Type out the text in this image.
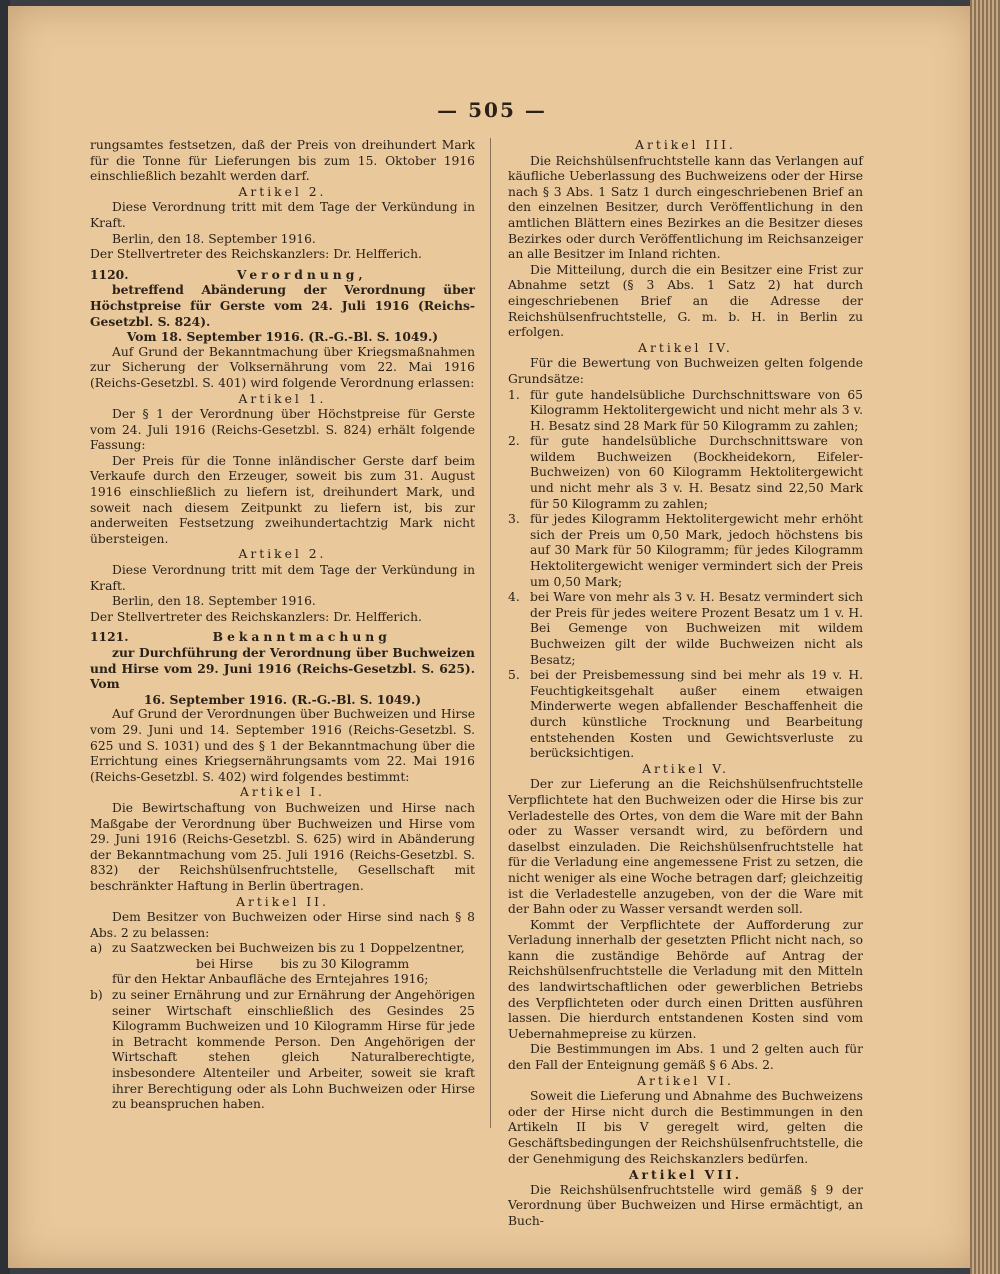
— 505 —

rungsamtes festsetzen, daß der Preis von dreihundert Mark für die Tonne für Lieferungen bis zum 15. Oktober 1916 einschließlich bezahlt werden darf.

Artikel 2.

Diese Verordnung tritt mit dem Tage der Verkündung in Kraft.

Berlin, den 18. September 1916.

Der Stellvertreter des Reichskanzlers: Dr. Helfferich.

1120.	Verordnung,

betreffend Abänderung der Verordnung über Höchstpreise für Gerste vom 24. Juli 1916 (Reichs-Gesetzbl. S. 824).

Vom 18. September 1916. (R.-G.-Bl. S. 1049.)

Auf Grund der Bekanntmachung über Kriegsmaßnahmen zur Sicherung der Volksernährung vom 22. Mai 1916 (Reichs-Gesetzbl. S. 401) wird folgende Verordnung erlassen:

Artikel 1.

Der § 1 der Verordnung über Höchstpreise für Gerste vom 24. Juli 1916 (Reichs-Gesetzbl. S. 824) erhält folgende Fassung:

Der Preis für die Tonne inländischer Gerste darf beim Verkaufe durch den Erzeuger, soweit bis zum 31. August 1916 einschließlich zu liefern ist, dreihundert Mark, und soweit nach diesem Zeitpunkt zu liefern ist, bis zur anderweiten Festsetzung zweihundertachtzig Mark nicht übersteigen.

Artikel 2.

Diese Verordnung tritt mit dem Tage der Verkündung in Kraft.

Berlin, den 18. September 1916.

Der Stellvertreter des Reichskanzlers: Dr. Helfferich.

1121.	Bekanntmachung

zur Durchführung der Verordnung über Buchweizen und Hirse vom 29. Juni 1916 (Reichs-Gesetzbl. S. 625). Vom

16. September 1916. (R.-G.-Bl. S. 1049.)

Auf Grund der Verordnungen über Buchweizen und Hirse vom 29. Juni und 14. September 1916 (Reichs-Gesetzbl. S. 625 und S. 1031) und des § 1 der Bekanntmachung über die Errichtung eines Kriegsernährungsamts vom 22. Mai 1916 (Reichs-Gesetzbl. S. 402) wird folgendes bestimmt:

Artikel I.

Die Bewirtschaftung von Buchweizen und Hirse nach Maßgabe der Verordnung über Buchweizen und Hirse vom 29. Juni 1916 (Reichs-Gesetzbl. S. 625) wird in Abänderung der Bekanntmachung vom 25. Juli 1916 (Reichs-Gesetzbl. S. 832) der Reichshülsenfruchtstelle, Gesellschaft mit beschränkter Haftung in Berlin übertragen.

Artikel II.

Dem Besitzer von Buchweizen oder Hirse sind nach § 8 Abs. 2 zu belassen:

a) zu Saatzwecken bei Buchweizen bis zu 1 Doppelzentner,

bei Hirse       bis zu 30 Kilogramm

für den Hektar Anbaufläche des Erntejahres 1916;

b) zu seiner Ernährung und zur Ernährung der Angehörigen seiner Wirtschaft einschließlich des Gesindes 25 Kilogramm Buchweizen und 10 Kilogramm Hirse für jede in Betracht kommende Person. Den Angehörigen der Wirtschaft stehen gleich Naturalberechtigte, insbesondere Altenteiler und Arbeiter, soweit sie kraft ihrer Berechtigung oder als Lohn Buchweizen oder Hirse zu beanspruchen haben.

Artikel III.

Die Reichshülsenfruchtstelle kann das Verlangen auf käufliche Ueberlassung des Buchweizens oder der Hirse nach § 3 Abs. 1 Satz 1 durch eingeschriebenen Brief an den einzelnen Besitzer, durch Veröffentlichung in den amtlichen Blättern eines Bezirkes an die Besitzer dieses Bezirkes oder durch Veröffentlichung im Reichsanzeiger an alle Besitzer im Inland richten.

Die Mitteilung, durch die ein Besitzer eine Frist zur Abnahme setzt (§ 3 Abs. 1 Satz 2) hat durch eingeschriebenen Brief an die Adresse der Reichshülsenfruchtstelle, G. m. b. H. in Berlin zu erfolgen.

Artikel IV.

Für die Bewertung von Buchweizen gelten folgende Grundsätze:

1. für gute handelsübliche Durchschnittsware von 65 Kilogramm Hektolitergewicht und nicht mehr als 3 v. H. Besatz sind 28 Mark für 50 Kilogramm zu zahlen;
2. für gute handelsübliche Durchschnittsware von wildem Buchweizen (Bockheidekorn, Eifeler-Buchweizen) von 60 Kilogramm Hektolitergewicht und nicht mehr als 3 v. H. Besatz sind 22,50 Mark für 50 Kilogramm zu zahlen;
3. für jedes Kilogramm Hektolitergewicht mehr erhöht sich der Preis um 0,50 Mark, jedoch höchstens bis auf 30 Mark für 50 Kilogramm; für jedes Kilogramm Hektolitergewicht weniger vermindert sich der Preis um 0,50 Mark;
4. bei Ware von mehr als 3 v. H. Besatz vermindert sich der Preis für jedes weitere Prozent Besatz um 1 v. H. Bei Gemenge von Buchweizen mit wildem Buchweizen gilt der wilde Buchweizen nicht als Besatz;
5. bei der Preisbemessung sind bei mehr als 19 v. H. Feuchtigkeitsgehalt außer einem etwaigen Minderwerte wegen abfallender Beschaffenheit die durch künstliche Trocknung und Bearbeitung entstehenden Kosten und Gewichtsverluste zu berücksichtigen.

Artikel V.

Der zur Lieferung an die Reichshülsenfruchtstelle Verpflichtete hat den Buchweizen oder die Hirse bis zur Verladestelle des Ortes, von dem die Ware mit der Bahn oder zu Wasser versandt wird, zu befördern und daselbst einzuladen. Die Reichshülsenfruchtstelle hat für die Verladung eine angemessene Frist zu setzen, die nicht weniger als eine Woche betragen darf; gleichzeitig ist die Verladestelle anzugeben, von der die Ware mit der Bahn oder zu Wasser versandt werden soll.

Kommt der Verpflichtete der Aufforderung zur Verladung innerhalb der gesetzten Pflicht nicht nach, so kann die zuständige Behörde auf Antrag der Reichshülsenfruchtstelle die Verladung mit den Mitteln des landwirtschaftlichen oder gewerblichen Betriebs des Verpflichteten oder durch einen Dritten ausführen lassen. Die hierdurch entstandenen Kosten sind vom Uebernahmepreise zu kürzen.

Die Bestimmungen im Abs. 1 und 2 gelten auch für den Fall der Enteignung gemäß § 6 Abs. 2.

Artikel VI.

Soweit die Lieferung und Abnahme des Buchweizens oder der Hirse nicht durch die Bestimmungen in den Artikeln II bis V geregelt wird, gelten die Geschäftsbedingungen der Reichshülsenfruchtstelle, die der Genehmigung des Reichskanzlers bedürfen.

Artikel VII.

Die Reichshülsenfruchtstelle wird gemäß § 9 der Verordnung über Buchweizen und Hirse ermächtigt, an Buch-
